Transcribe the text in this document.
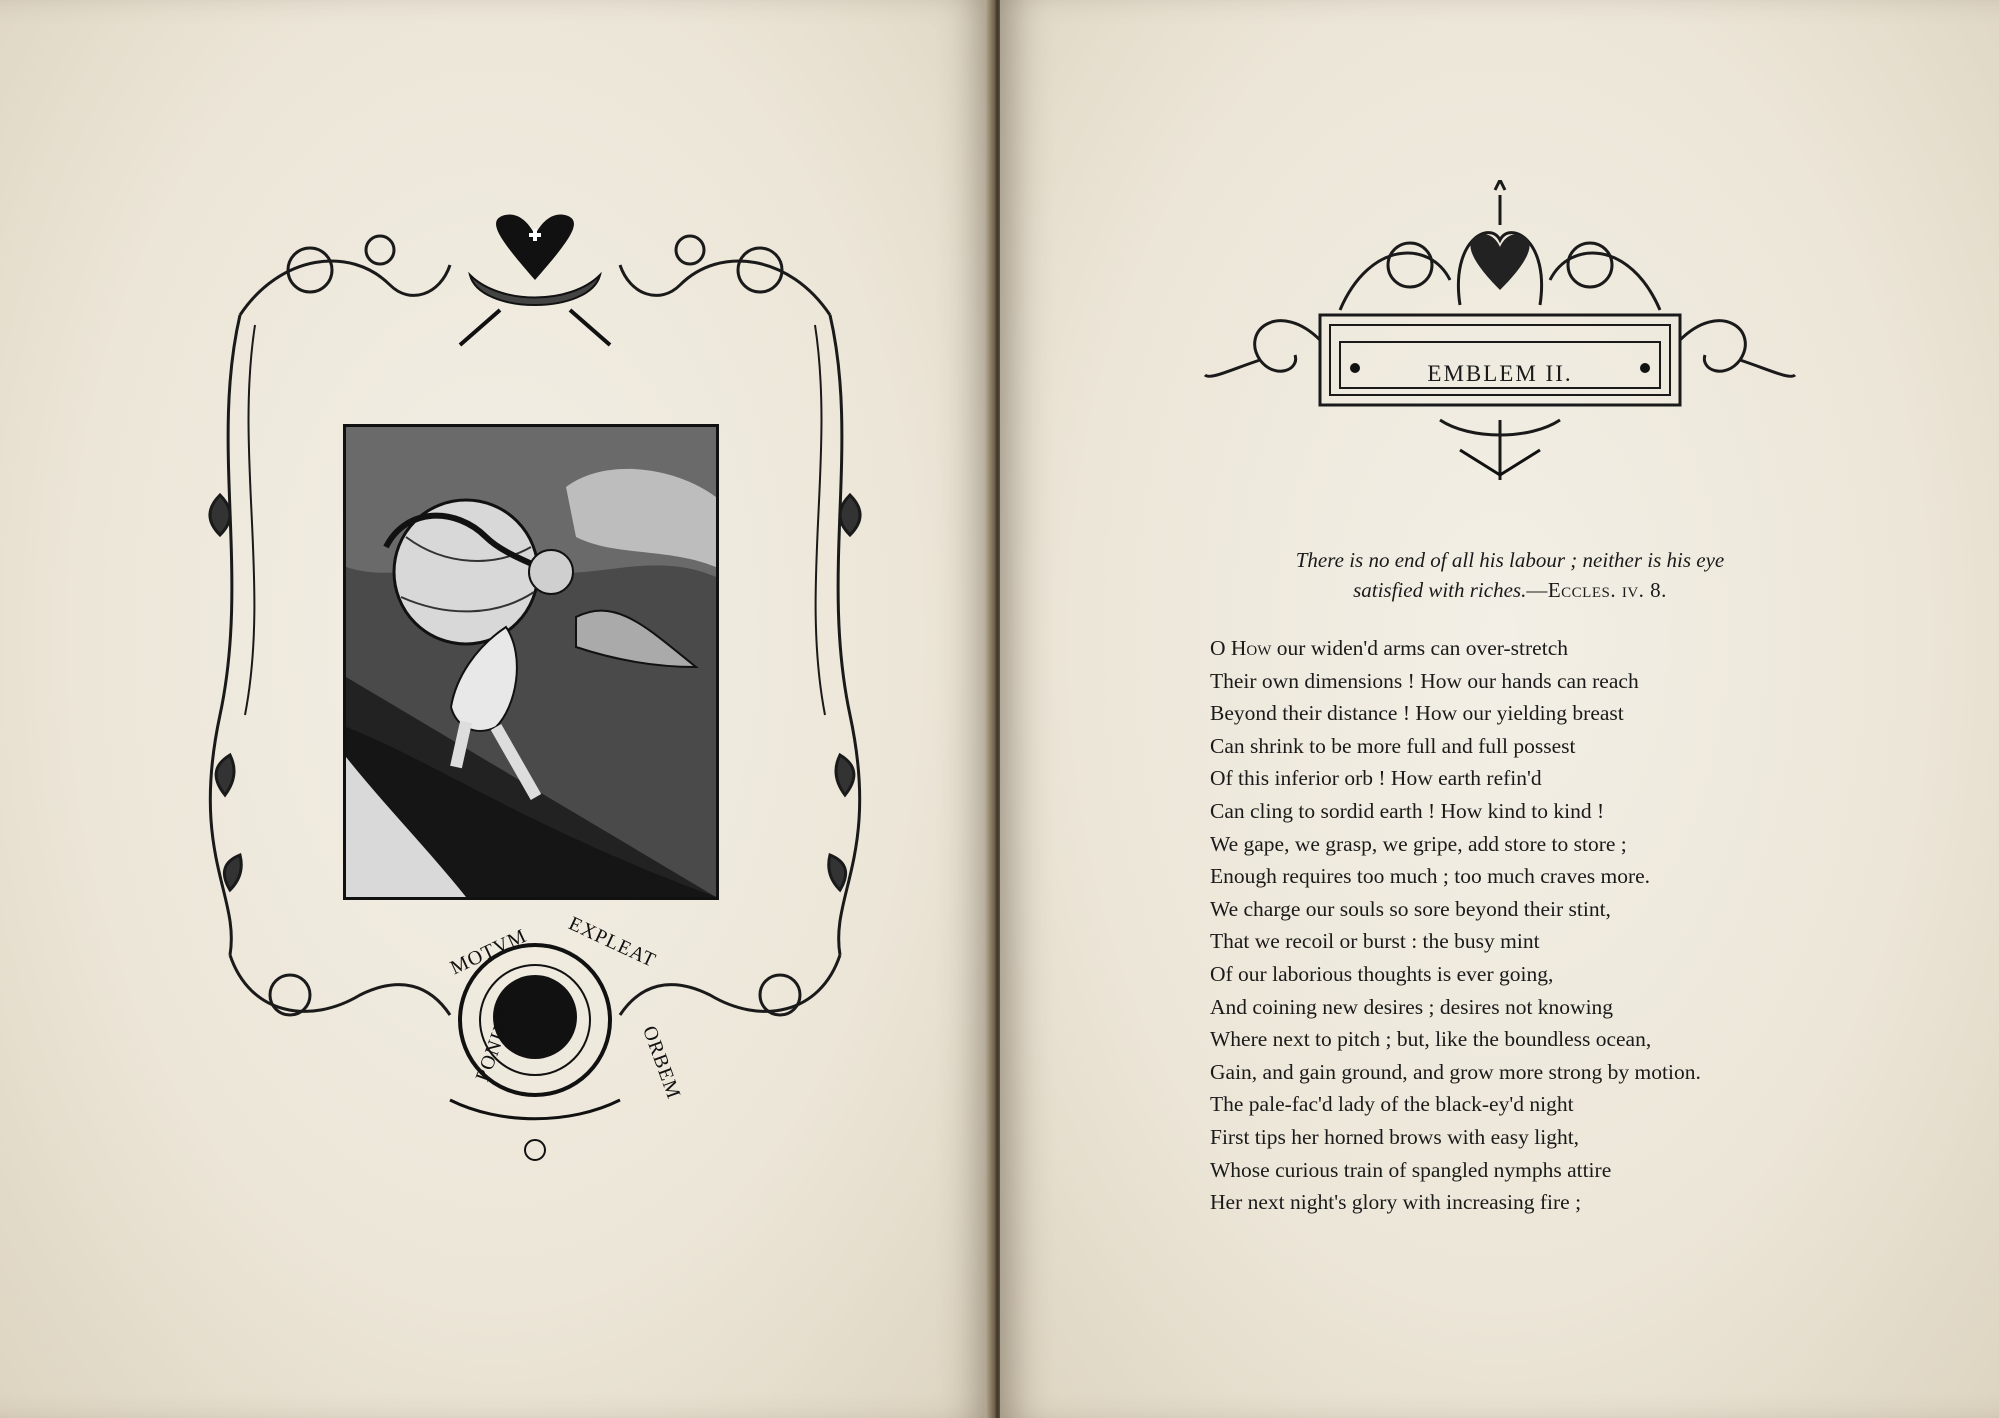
MOTVM EXPLEAT
PONIET	ORBEM
EMBLEM II.
There is no end of all his labour ; neither is his eye
satisfied with riches.—Eccles. iv. 8.
O How our widen'd arms can over-stretch
Their own dimensions ! How our hands can reach
Beyond their distance ! How our yielding breast
Can shrink to be more full and full possest
Of this inferior orb ! How earth refin'd
Can cling to sordid earth ! How kind to kind !
We gape, we grasp, we gripe, add store to store ;
Enough requires too much ; too much craves more.
We charge our souls so sore beyond their stint,
That we recoil or burst : the busy mint
Of our laborious thoughts is ever going,
And coining new desires ; desires not knowing
Where next to pitch ; but, like the boundless ocean,
Gain, and gain ground, and grow more strong by motion.
The pale-fac'd lady of the black-ey'd night
First tips her horned brows with easy light,
Whose curious train of spangled nymphs attire
Her next night's glory with increasing fire ;
